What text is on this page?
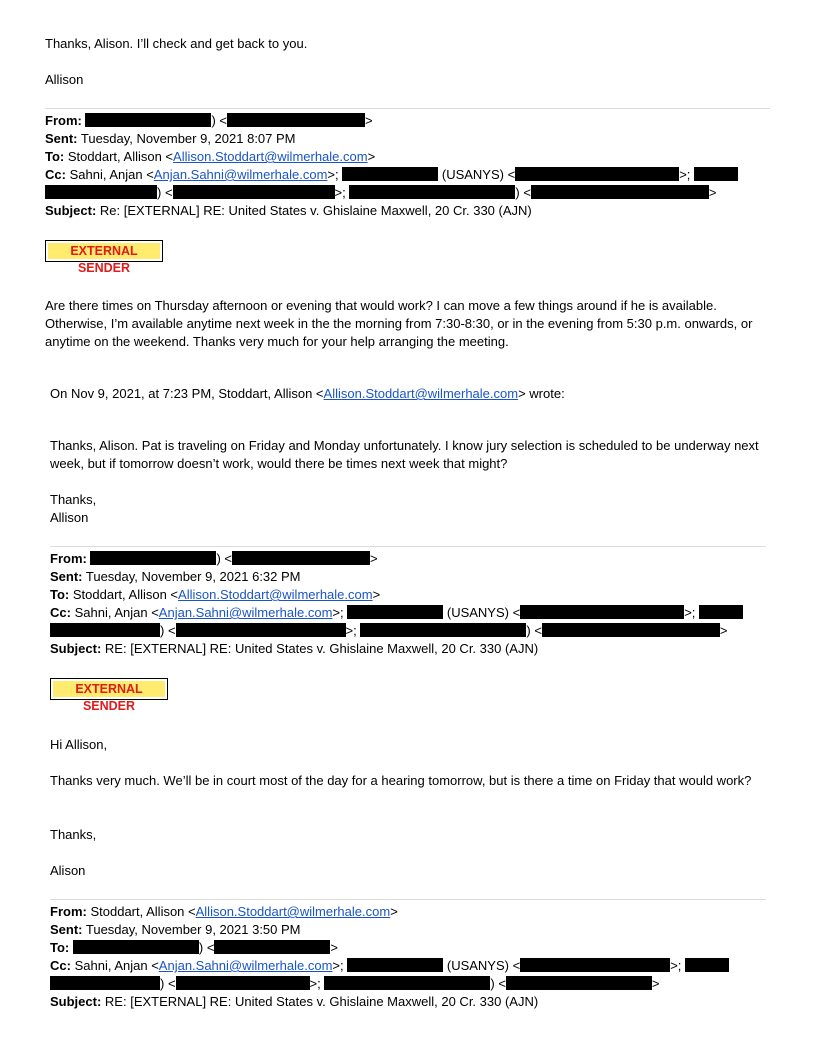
Thanks, Alison. I’ll check and get back to you.
Allison
From:	) <	>
Sent: Tuesday, November 9, 2021 8:07 PM
To: Stoddart, Allison <Allison.Stoddart@wilmerhale.com>
Cc: Sahni, Anjan <Anjan.Sahni@wilmerhale.com>;	(USANYS) <	>;
) <	>;	) <	>
Subject: Re: [EXTERNAL] RE: United States v. Ghislaine Maxwell, 20 Cr. 330 (AJN)
EXTERNAL SENDER
Are there times on Thursday afternoon or evening that would work? I can move a few things around if he is available. Otherwise, I’m available anytime next week in the the morning from 7:30-8:30, or in the evening from 5:30 p.m. onwards, or anytime on the weekend. Thanks very much for your help arranging the meeting.
On Nov 9, 2021, at 7:23 PM, Stoddart, Allison <Allison.Stoddart@wilmerhale.com> wrote:
Thanks, Alison. Pat is traveling on Friday and Monday unfortunately. I know jury selection is scheduled to be underway next week, but if tomorrow doesn’t work, would there be times next week that might?
Thanks,
Allison
From:	) <	>
Sent: Tuesday, November 9, 2021 6:32 PM
To: Stoddart, Allison <Allison.Stoddart@wilmerhale.com>
Cc: Sahni, Anjan <Anjan.Sahni@wilmerhale.com>;	(USANYS) <	>;
) <	>;	) <	>
Subject: RE: [EXTERNAL] RE: United States v. Ghislaine Maxwell, 20 Cr. 330 (AJN)
EXTERNAL SENDER
Hi Allison,
Thanks very much. We’ll be in court most of the day for a hearing tomorrow, but is there a time on Friday that would work?
Thanks,
Alison
From: Stoddart, Allison <Allison.Stoddart@wilmerhale.com>
Sent: Tuesday, November 9, 2021 3:50 PM
To:	) <	>
Cc: Sahni, Anjan <Anjan.Sahni@wilmerhale.com>;	(USANYS) <	>;
) <	>;	) <	>
Subject: RE: [EXTERNAL] RE: United States v. Ghislaine Maxwell, 20 Cr. 330 (AJN)
